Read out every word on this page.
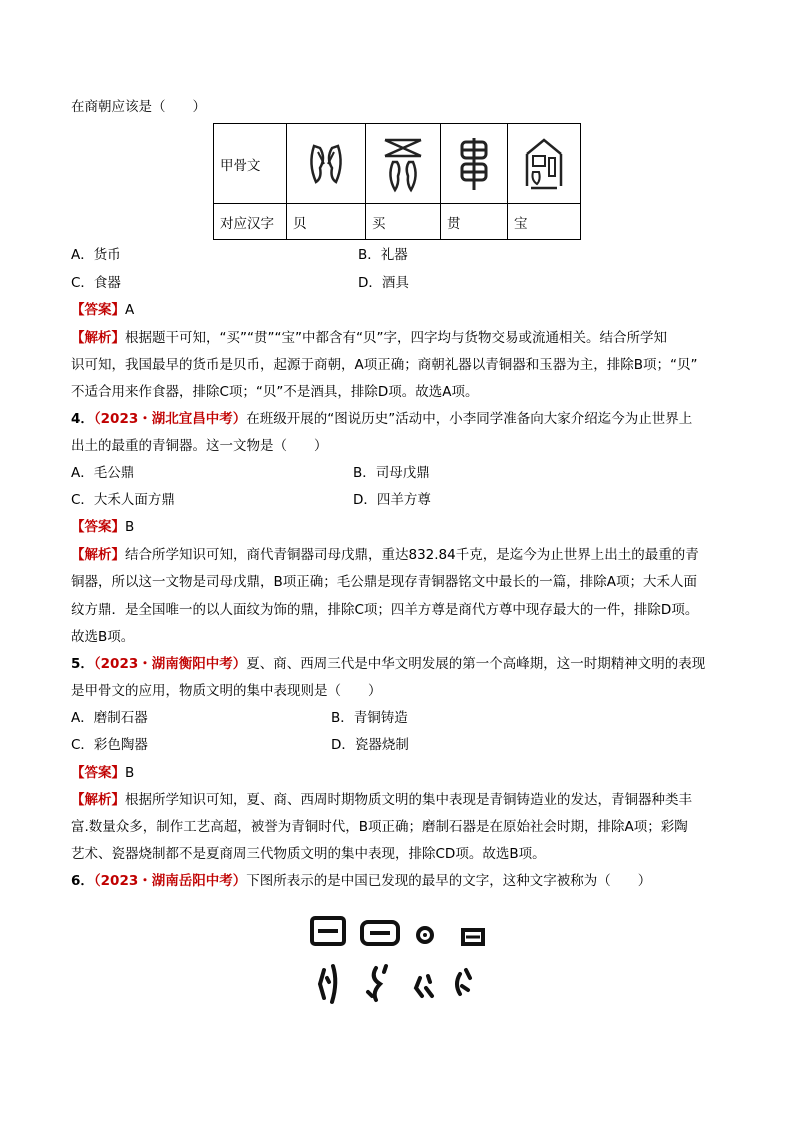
在商朝应该是（　　）
甲骨文	

对应汉字	贝	买	贯	宝
A．货币	B．礼器
C．食器	D．酒具
【答案】A
【解析】根据题干可知，“买”“贯”“宝”中都含有“贝”字，四字均与货物交易或流通相关。结合所学知
识可知，我国最早的货币是贝币，起源于商朝，A项正确；商朝礼器以青铜器和玉器为主，排除B项；“贝”
不适合用来作食器，排除C项；“贝”不是酒具，排除D项。故选A项。
4．（2023・湖北宜昌中考）在班级开展的“图说历史”活动中，小李同学准备向大家介绍迄今为止世界上
出土的最重的青铜器。这一文物是（　　）
A．毛公鼎	B．司母戊鼎
C．大禾人面方鼎	D．四羊方尊
【答案】B
【解析】结合所学知识可知，商代青铜器司母戊鼎，重达832.84千克，是迄今为止世界上出土的最重的青
铜器，所以这一文物是司母戊鼎，B项正确；毛公鼎是现存青铜器铭文中最长的一篇，排除A项；大禾人面
纹方鼎．是全国唯一的以人面纹为饰的鼎，排除C项；四羊方尊是商代方尊中现存最大的一件，排除D项。
故选B项。
5．（2023・湖南衡阳中考）夏、商、西周三代是中华文明发展的第一个高峰期，这一时期精神文明的表现
是甲骨文的应用，物质文明的集中表现则是（　　）
A．磨制石器	B．青铜铸造
C．彩色陶器	D．瓷器烧制
【答案】B
【解析】根据所学知识可知，夏、商、西周时期物质文明的集中表现是青铜铸造业的发达，青铜器种类丰
富.数量众多，制作工艺高超，被誉为青铜时代，B项正确；磨制石器是在原始社会时期，排除A项；彩陶
艺术、瓷器烧制都不是夏商周三代物质文明的集中表现，排除CD项。故选B项。
6．（2023・湖南岳阳中考）下图所表示的是中国已发现的最早的文字，这种文字被称为（　　）
